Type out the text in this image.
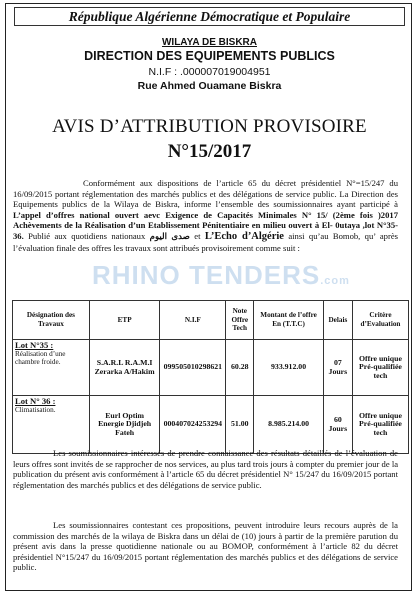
République Algérienne Démocratique et Populaire
WILAYA DE BISKRA
DIRECTION DES EQUIPEMENTS PUBLICS
N.I.F : .000007019004951
Rue Ahmed Ouamane Biskra
AVIS D’ATTRIBUTION PROVISOIRE
N°15/2017
Conformément aux dispositions de l’article 65 du décret présidentiel N°=15/247 du 16/09/2015 portant réglementation des marchés publics et des délégations de service public. La Direction des Equipements publics de la Wilaya de Biskra, informe l’ensemble des soumissionnaires ayant participé à L’appel d’offres national ouvert aevc Exigence de Capacités Minimales N° 15/ (2ème fois )2017 Achèvements de la Réalisation d’un Etablissement Pénitentiaire en milieu ouvert à El- 0utaya ,lot N°35-36. Publié aux quotidiens nationaux صدى اليوم et L’Echo d’Algérie ainsi qu’au Bomob, qu’ après l’évaluation finale des offres les travaux sont attribués provisoirement comme suit :
RHINO TENDERS.com
Désignation des Travaux	ETP	N.I.F	Note Offre Tech	Montant de l’offre En (T.T.C)	Delais	Critère d’Evaluation

Lot N°35 :
Réalisation d’une chambre froide.	S.A.R.L R.A.M.I Zerarka A/Hakim	099505010298621	60.28	933.912.00	07 Jours	Offre unique Pré-qualifiée tech

Lot N° 36 :
Climatisation.	Eurl Optim Energie Djidjeh Fateh	000407024253294	51.00	8.985.214.00	60 Jours	Offre unique Pré-qualifiée tech
Les soumissionnaires intéressés de prendre connaissance des résultats détaillés de l’évaluation de leurs offres sont invités de se rapprocher de nos services, au plus tard trois jours à compter du premier jour de la publication du présent avis conformément à l’article 65 du décret présidentiel N° 15/247 du 16/09/2015 portant réglementation des marchés publics et des délégations de service public.
Les soumissionnaires contestant ces propositions, peuvent introduire leurs recours auprès de la commission des marchés de la wilaya de Biskra dans un délai de (10) jours à partir de la première parution du présent avis dans la presse quotidienne nationale ou au BOMOP, conformément à l’article 82 du décret présidentiel N°15/247 du 16/09/2015 portant réglementation des marchés publics et des délégations de service public.
